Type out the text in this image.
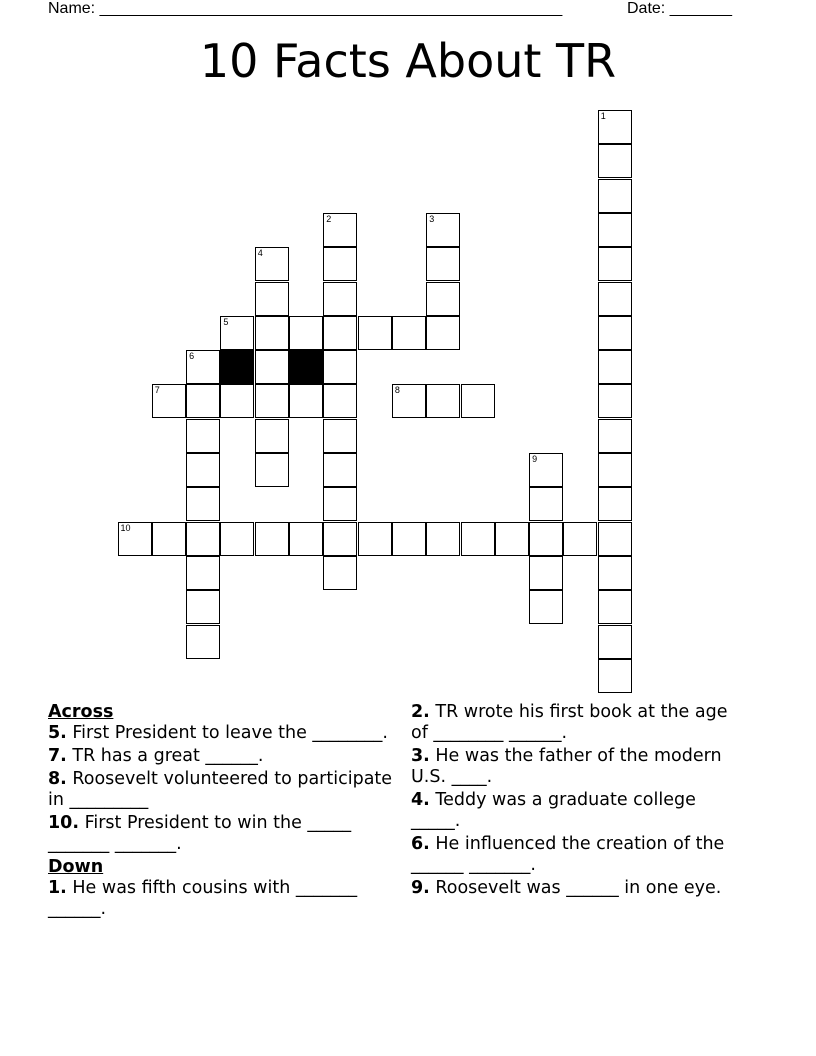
Name: ____________________________________________________	Date: _______
10 Facts About TR
1
2	3
4
5
6
7	8
9
10
Across
5. First President to leave the ________.
7. TR has a great ______.
8. Roosevelt volunteered to participate in _________
10. First President to win the _____ _______ _______.
Down
1. He was fifth cousins with _______ ______.
2. TR wrote his first book at the age of ________ ______.
3. He was the father of the modern U.S. ____.
4. Teddy was a graduate college _____.
6. He influenced the creation of the ______ _______.
9. Roosevelt was ______ in one eye.
